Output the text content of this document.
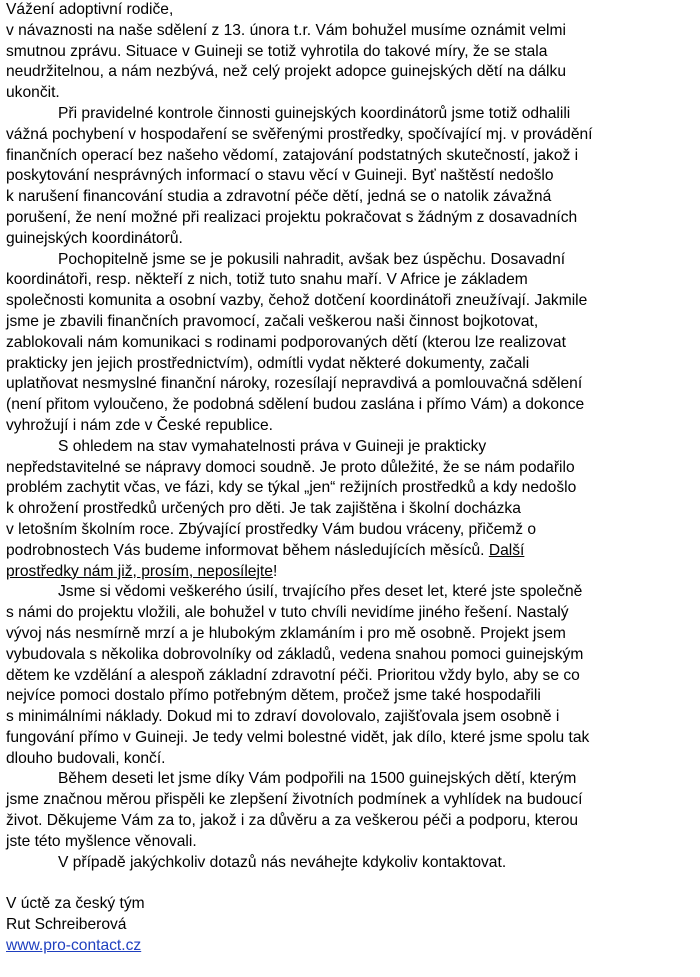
Vážení adoptivní rodiče,
v návaznosti na naše sdělení z 13. února t.r. Vám bohužel musíme oznámit velmi
smutnou zprávu. Situace v Guineji se totiž vyhrotila do takové míry, že se stala
neudržitelnou, a nám nezbývá, než celý projekt adopce guinejských dětí na dálku
ukončit.
Při pravidelné kontrole činnosti guinejských koordinátorů jsme totiž odhalili
vážná pochybení v hospodaření se svěřenými prostředky, spočívající mj. v provádění
finančních operací bez našeho vědomí, zatajování podstatných skutečností, jakož i
poskytování nesprávných informací o stavu věcí v Guineji. Byť naštěstí nedošlo
k narušení financování studia a zdravotní péče dětí, jedná se o natolik závažná
porušení, že není možné při realizaci projektu pokračovat s žádným z dosavadních
guinejských koordinátorů.
Pochopitelně jsme se je pokusili nahradit, avšak bez úspěchu. Dosavadní
koordinátoři, resp. někteří z nich, totiž tuto snahu maří. V Africe je základem
společnosti komunita a osobní vazby, čehož dotčení koordinátoři zneužívají. Jakmile
jsme je zbavili finančních pravomocí, začali veškerou naši činnost bojkotovat,
zablokovali nám komunikaci s rodinami podporovaných dětí (kterou lze realizovat
prakticky jen jejich prostřednictvím), odmítli vydat některé dokumenty, začali
uplatňovat nesmyslné finanční nároky, rozesílají nepravdivá a pomlouvačná sdělení
(není přitom vyloučeno, že podobná sdělení budou zaslána i přímo Vám) a dokonce
vyhrožují i nám zde v České republice.
S ohledem na stav vymahatelnosti práva v Guineji je prakticky
nepředstavitelné se nápravy domoci soudně. Je proto důležité, že se nám podařilo
problém zachytit včas, ve fázi, kdy se týkal „jen“ režijních prostředků a kdy nedošlo
k ohrožení prostředků určených pro děti. Je tak zajištěna i školní docházka
v letošním školním roce. Zbývající prostředky Vám budou vráceny, přičemž o
podrobnostech Vás budeme informovat během následujících měsíců. Další
prostředky nám již, prosím, neposílejte!
Jsme si vědomi veškerého úsilí, trvajícího přes deset let, které jste společně
s námi do projektu vložili, ale bohužel v tuto chvíli nevidíme jiného řešení. Nastalý
vývoj nás nesmírně mrzí a je hlubokým zklamáním i pro mě osobně. Projekt jsem
vybudovala s několika dobrovolníky od základů, vedena snahou pomoci guinejským
dětem ke vzdělání a alespoň základní zdravotní péči. Prioritou vždy bylo, aby se co
nejvíce pomoci dostalo přímo potřebným dětem, pročež jsme také hospodařili
s minimálními náklady. Dokud mi to zdraví dovolovalo, zajišťovala jsem osobně i
fungování přímo v Guineji. Je tedy velmi bolestné vidět, jak dílo, které jsme spolu tak
dlouho budovali, končí.
Během deseti let jsme díky Vám podpořili na 1500 guinejských dětí, kterým
jsme značnou měrou přispěli ke zlepšení životních podmínek a vyhlídek na budoucí
život. Děkujeme Vám za to, jakož i za důvěru a za veškerou péči a podporu, kterou
jste této myšlence věnovali.
V případě jakýchkoliv dotazů nás neváhejte kdykoliv kontaktovat.
V úctě za český tým
Rut Schreiberová
www.pro-contact.cz
